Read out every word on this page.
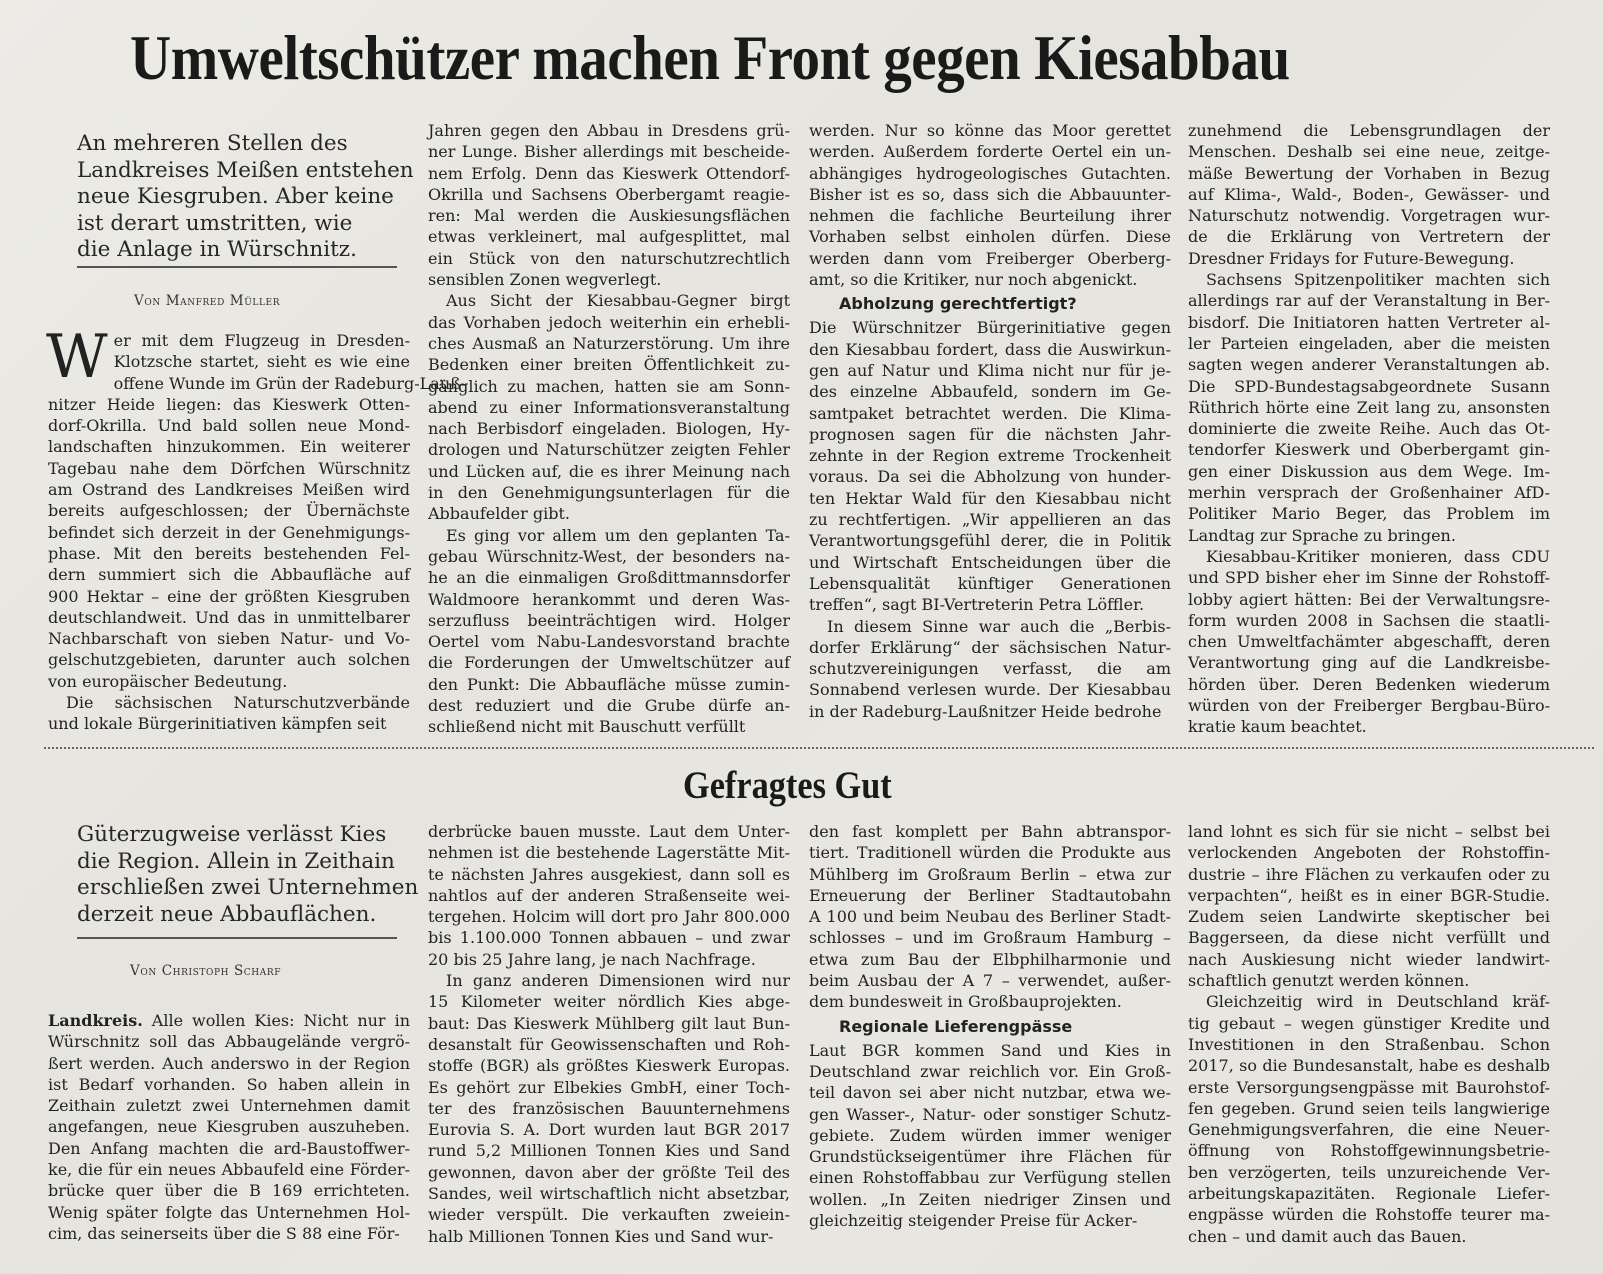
Umweltschützer machen Front gegen Kiesabbau
An mehreren Stellen des
Landkreises Meißen entstehen
neue Kiesgruben. Aber keine
ist derart umstritten, wie
die Anlage in Würschnitz.
Von Manfred Müller
W er mit dem Flugzeug in Dresden-
Klotzsche startet, sieht es wie eine
offene Wunde im Grün der Radeburg-Lauß-
nitzer Heide liegen: das Kieswerk Otten-
dorf-Okrilla. Und bald sollen neue Mond-
landschaften hinzukommen. Ein weiterer
Tagebau nahe dem Dörfchen Würschnitz
am Ostrand des Landkreises Meißen wird
bereits aufgeschlossen; der Übernächste
befindet sich derzeit in der Genehmigungs-
phase. Mit den bereits bestehenden Fel-
dern summiert sich die Abbaufläche auf
900 Hektar – eine der größten Kiesgruben
deutschlandweit. Und das in unmittelbarer
Nachbarschaft von sieben Natur- und Vo-
gelschutzgebieten, darunter auch solchen
von europäischer Bedeutung.
Die sächsischen Naturschutzverbände
und lokale Bürgerinitiativen kämpfen seit
Jahren gegen den Abbau in Dresdens grü-
ner Lunge. Bisher allerdings mit bescheide-
nem Erfolg. Denn das Kieswerk Ottendorf-
Okrilla und Sachsens Oberbergamt reagie-
ren: Mal werden die Auskiesungsflächen
etwas verkleinert, mal aufgesplittet, mal
ein Stück von den naturschutzrechtlich
sensiblen Zonen wegverlegt.
Aus Sicht der Kiesabbau-Gegner birgt
das Vorhaben jedoch weiterhin ein erhebli-
ches Ausmaß an Naturzerstörung. Um ihre
Bedenken einer breiten Öffentlichkeit zu-
gänglich zu machen, hatten sie am Sonn-
abend zu einer Informationsveranstaltung
nach Berbisdorf eingeladen. Biologen, Hy-
drologen und Naturschützer zeigten Fehler
und Lücken auf, die es ihrer Meinung nach
in den Genehmigungsunterlagen für die
Abbaufelder gibt.
Es ging vor allem um den geplanten Ta-
gebau Würschnitz-West, der besonders na-
he an die einmaligen Großdittmannsdorfer
Waldmoore herankommt und deren Was-
serzufluss beeinträchtigen wird. Holger
Oertel vom Nabu-Landesvorstand brachte
die Forderungen der Umweltschützer auf
den Punkt: Die Abbaufläche müsse zumin-
dest reduziert und die Grube dürfe an-
schließend nicht mit Bauschutt verfüllt
werden. Nur so könne das Moor gerettet
werden. Außerdem forderte Oertel ein un-
abhängiges hydrogeologisches Gutachten.
Bisher ist es so, dass sich die Abbauunter-
nehmen die fachliche Beurteilung ihrer
Vorhaben selbst einholen dürfen. Diese
werden dann vom Freiberger Oberberg-
amt, so die Kritiker, nur noch abgenickt.
Abholzung gerechtfertigt?
Die Würschnitzer Bürgerinitiative gegen
den Kiesabbau fordert, dass die Auswirkun-
gen auf Natur und Klima nicht nur für je-
des einzelne Abbaufeld, sondern im Ge-
samtpaket betrachtet werden. Die Klima-
prognosen sagen für die nächsten Jahr-
zehnte in der Region extreme Trockenheit
voraus. Da sei die Abholzung von hunder-
ten Hektar Wald für den Kiesabbau nicht
zu rechtfertigen. „Wir appellieren an das
Verantwortungsgefühl derer, die in Politik
und Wirtschaft Entscheidungen über die
Lebensqualität künftiger Generationen
treffen“, sagt BI-Vertreterin Petra Löffler.
In diesem Sinne war auch die „Berbis-
dorfer Erklärung“ der sächsischen Natur-
schutzvereinigungen verfasst, die am
Sonnabend verlesen wurde. Der Kiesabbau
in der Radeburg-Laußnitzer Heide bedrohe
zunehmend die Lebensgrundlagen der
Menschen. Deshalb sei eine neue, zeitge-
mäße Bewertung der Vorhaben in Bezug
auf Klima-, Wald-, Boden-, Gewässer- und
Naturschutz notwendig. Vorgetragen wur-
de die Erklärung von Vertretern der
Dresdner Fridays for Future-Bewegung.
Sachsens Spitzenpolitiker machten sich
allerdings rar auf der Veranstaltung in Ber-
bisdorf. Die Initiatoren hatten Vertreter al-
ler Parteien eingeladen, aber die meisten
sagten wegen anderer Veranstaltungen ab.
Die SPD-Bundestagsabgeordnete Susann
Rüthrich hörte eine Zeit lang zu, ansonsten
dominierte die zweite Reihe. Auch das Ot-
tendorfer Kieswerk und Oberbergamt gin-
gen einer Diskussion aus dem Wege. Im-
merhin versprach der Großenhainer AfD-
Politiker Mario Beger, das Problem im
Landtag zur Sprache zu bringen.
Kiesabbau-Kritiker monieren, dass CDU
und SPD bisher eher im Sinne der Rohstoff-
lobby agiert hätten: Bei der Verwaltungsre-
form wurden 2008 in Sachsen die staatli-
chen Umweltfachämter abgeschafft, deren
Verantwortung ging auf die Landkreisbe-
hörden über. Deren Bedenken wiederum
würden von der Freiberger Bergbau-Büro-
kratie kaum beachtet.
Gefragtes Gut
Güterzugweise verlässt Kies
die Region. Allein in Zeithain
erschließen zwei Unternehmen
derzeit neue Abbauflächen.
Von Christoph Scharf
Landkreis. Alle wollen Kies: Nicht nur in
Würschnitz soll das Abbaugelände vergrö-
ßert werden. Auch anderswo in der Region
ist Bedarf vorhanden. So haben allein in
Zeithain zuletzt zwei Unternehmen damit
angefangen, neue Kiesgruben auszuheben.
Den Anfang machten die ard-Baustoffwer-
ke, die für ein neues Abbaufeld eine Förder-
brücke quer über die B 169 errichteten.
Wenig später folgte das Unternehmen Hol-
cim, das seinerseits über die S 88 eine För-
derbrücke bauen musste. Laut dem Unter-
nehmen ist die bestehende Lagerstätte Mit-
te nächsten Jahres ausgekiest, dann soll es
nahtlos auf der anderen Straßenseite wei-
tergehen. Holcim will dort pro Jahr 800.000
bis 1.100.000 Tonnen abbauen – und zwar
20 bis 25 Jahre lang, je nach Nachfrage.
In ganz anderen Dimensionen wird nur
15 Kilometer weiter nördlich Kies abge-
baut: Das Kieswerk Mühlberg gilt laut Bun-
desanstalt für Geowissenschaften und Roh-
stoffe (BGR) als größtes Kieswerk Europas.
Es gehört zur Elbekies GmbH, einer Toch-
ter des französischen Bauunternehmens
Eurovia S. A. Dort wurden laut BGR 2017
rund 5,2 Millionen Tonnen Kies und Sand
gewonnen, davon aber der größte Teil des
Sandes, weil wirtschaftlich nicht absetzbar,
wieder verspült. Die verkauften zweiein-
halb Millionen Tonnen Kies und Sand wur-
den fast komplett per Bahn abtranspor-
tiert. Traditionell würden die Produkte aus
Mühlberg im Großraum Berlin – etwa zur
Erneuerung der Berliner Stadtautobahn
A 100 und beim Neubau des Berliner Stadt-
schlosses – und im Großraum Hamburg –
etwa zum Bau der Elbphilharmonie und
beim Ausbau der A 7 – verwendet, außer-
dem bundesweit in Großbauprojekten.
Regionale Lieferengpässe
Laut BGR kommen Sand und Kies in
Deutschland zwar reichlich vor. Ein Groß-
teil davon sei aber nicht nutzbar, etwa we-
gen Wasser-, Natur- oder sonstiger Schutz-
gebiete. Zudem würden immer weniger
Grundstückseigentümer ihre Flächen für
einen Rohstoffabbau zur Verfügung stellen
wollen. „In Zeiten niedriger Zinsen und
gleichzeitig steigender Preise für Acker-
land lohnt es sich für sie nicht – selbst bei
verlockenden Angeboten der Rohstoffin-
dustrie – ihre Flächen zu verkaufen oder zu
verpachten“, heißt es in einer BGR-Studie.
Zudem seien Landwirte skeptischer bei
Baggerseen, da diese nicht verfüllt und
nach Auskiesung nicht wieder landwirt-
schaftlich genutzt werden können.
Gleichzeitig wird in Deutschland kräf-
tig gebaut – wegen günstiger Kredite und
Investitionen in den Straßenbau. Schon
2017, so die Bundesanstalt, habe es deshalb
erste Versorgungsengpässe mit Baurohstof-
fen gegeben. Grund seien teils langwierige
Genehmigungsverfahren, die eine Neuer-
öffnung von Rohstoffgewinnungsbetrie-
ben verzögerten, teils unzureichende Ver-
arbeitungskapazitäten. Regionale Liefer-
engpässe würden die Rohstoffe teurer ma-
chen – und damit auch das Bauen.
